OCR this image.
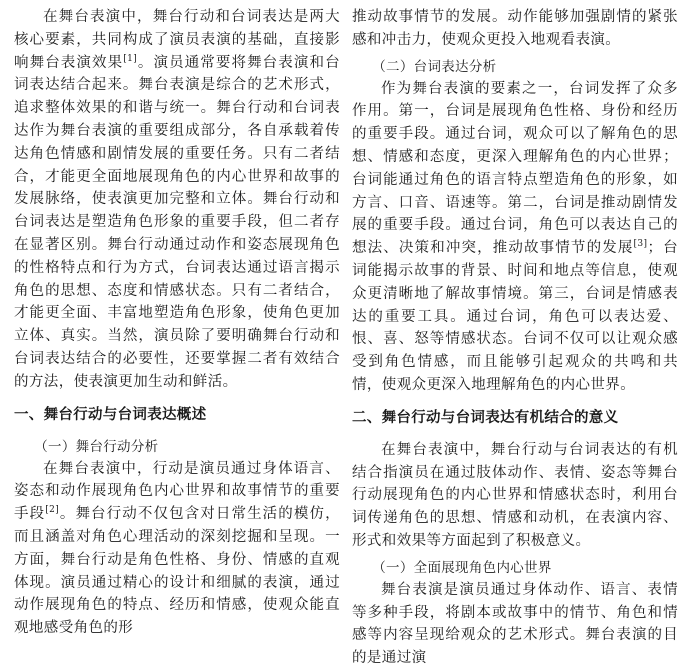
在舞台表演中，舞台行动和台词表达是两大核心要素，共同构成了演员表演的基础，直接影响舞台表演效果[1]。演员通常要将舞台表演和台词表达结合起来。舞台表演是综合的艺术形式，追求整体效果的和谐与统一。舞台行动和台词表达作为舞台表演的重要组成部分，各自承载着传达角色情感和剧情发展的重要任务。只有二者结合，才能更全面地展现角色的内心世界和故事的发展脉络，使表演更加完整和立体。舞台行动和台词表达是塑造角色形象的重要手段，但二者存在显著区别。舞台行动通过动作和姿态展现角色的性格特点和行为方式，台词表达通过语言揭示角色的思想、态度和情感状态。只有二者结合，才能更全面、丰富地塑造角色形象，使角色更加立体、真实。当然，演员除了要明确舞台行动和台词表达结合的必要性，还要掌握二者有效结合的方法，使表演更加生动和鲜活。

一、舞台行动与台词表达概述
（一）舞台行动分析

在舞台表演中，行动是演员通过身体语言、姿态和动作展现角色内心世界和故事情节的重要手段[2]。舞台行动不仅包含对日常生活的模仿，而且涵盖对角色心理活动的深刻挖掘和呈现。一方面，舞台行动是角色性格、身份、情感的直观体现。演员通过精心的设计和细腻的表演，通过动作展现角色的特点、经历和情感，使观众能直观地感受角色的形

推动故事情节的发展。动作能够加强剧情的紧张感和冲击力，使观众更投入地观看表演。

（二）台词表达分析

作为舞台表演的要素之一，台词发挥了众多作用。第一，台词是展现角色性格、身份和经历的重要手段。通过台词，观众可以了解角色的思想、情感和态度，更深入理解角色的内心世界；台词能通过角色的语言特点塑造角色的形象，如方言、口音、语速等。第二，台词是推动剧情发展的重要手段。通过台词，角色可以表达自己的想法、决策和冲突，推动故事情节的发展[3]；台词能揭示故事的背景、时间和地点等信息，使观众更清晰地了解故事情境。第三，台词是情感表达的重要工具。通过台词，角色可以表达爱、恨、喜、怒等情感状态。台词不仅可以让观众感受到角色情感，而且能够引起观众的共鸣和共情，使观众更深入地理解角色的内心世界。

二、舞台行动与台词表达有机结合的意义

在舞台表演中，舞台行动与台词表达的有机结合指演员在通过肢体动作、表情、姿态等舞台行动展现角色的内心世界和情感状态时，利用台词传递角色的思想、情感和动机，在表演内容、形式和效果等方面起到了积极意义。

（一）全面展现角色内心世界

舞台表演是演员通过身体动作、语言、表情等多种手段，将剧本或故事中的情节、角色和情感等内容呈现给观众的艺术形式。舞台表演的目的是通过演
